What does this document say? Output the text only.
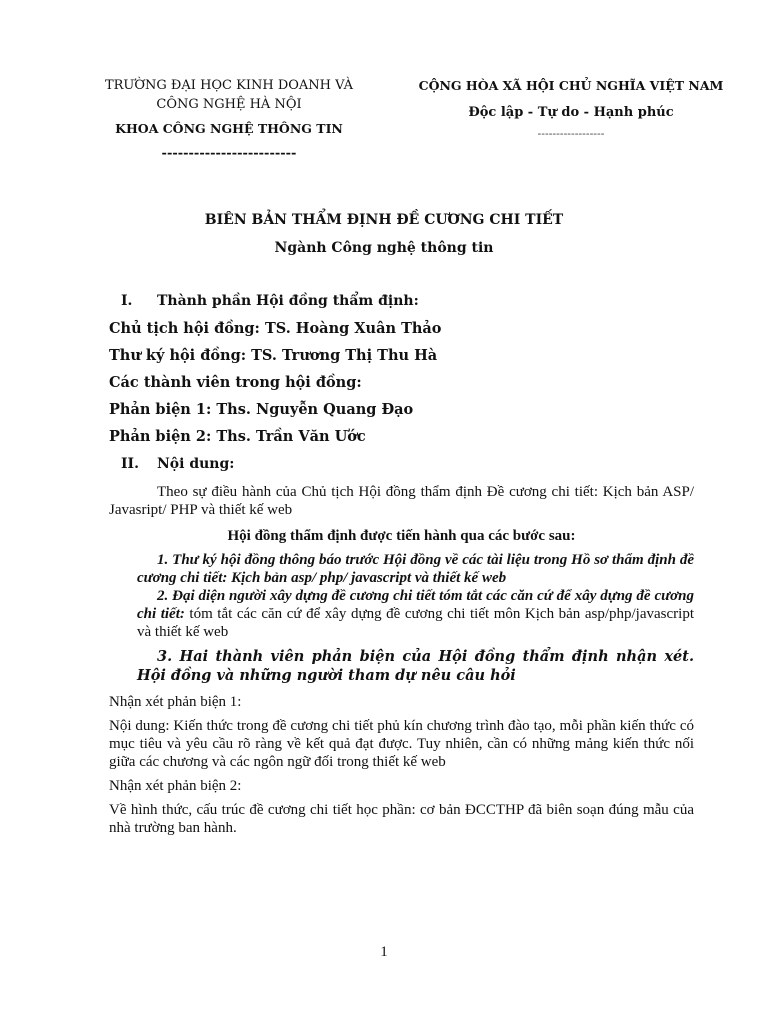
TRƯỜNG ĐẠI HỌC KINH DOANH VÀ
CÔNG NGHỆ HÀ NỘI
KHOA CÔNG NGHỆ THÔNG TIN
-------------------------
CỘNG HÒA XÃ HỘI CHỦ NGHĨA VIỆT NAM
Độc lập - Tự do - Hạnh phúc
------------------
BIÊN BẢN THẨM ĐỊNH ĐỀ CƯƠNG CHI TIẾT
Ngành Công nghệ thông tin
I.	Thành phần Hội đồng thẩm định:
Chủ tịch hội đồng: TS. Hoàng Xuân Thảo
Thư ký hội đồng: TS. Trương Thị Thu Hà
Các thành viên trong hội đồng:
Phản biện 1: Ths. Nguyễn Quang Đạo
Phản biện 2: Ths. Trần Văn Ước
II.	Nội dung:
Theo sự điều hành của Chủ tịch Hội đồng thẩm định Đề cương chi tiết: Kịch bản ASP/ Javasript/ PHP và thiết kế web
Hội đồng thẩm định được tiến hành qua các bước sau:
1. Thư ký hội đồng thông báo trước Hội đồng về các tài liệu trong Hồ sơ thẩm định đề cương chi tiết: Kịch bản asp/ php/ javascript và thiết kế web
2. Đại diện người xây dựng đề cương chi tiết tóm tắt các căn cứ để xây dựng đề cương chi tiết: tóm tắt các căn cứ để xây dựng đề cương chi tiết môn Kịch bản asp/php/javascript và thiết kế web
3. Hai thành viên phản biện của Hội đồng thẩm định nhận xét. Hội đồng và những người tham dự nêu câu hỏi
Nhận xét phản biện 1:
Nội dung: Kiến thức trong đề cương chi tiết phủ kín chương trình đào tạo, mỗi phần kiến thức có mục tiêu và yêu cầu rõ ràng về kết quả đạt được. Tuy nhiên, cần có những mảng kiến thức nối giữa các chương và các ngôn ngữ đối trong thiết kế web
Nhận xét phản biện 2:
Về hình thức, cấu trúc đề cương chi tiết học phần: cơ bản ĐCCTHP đã biên soạn đúng mẫu của nhà trường ban hành.
1
